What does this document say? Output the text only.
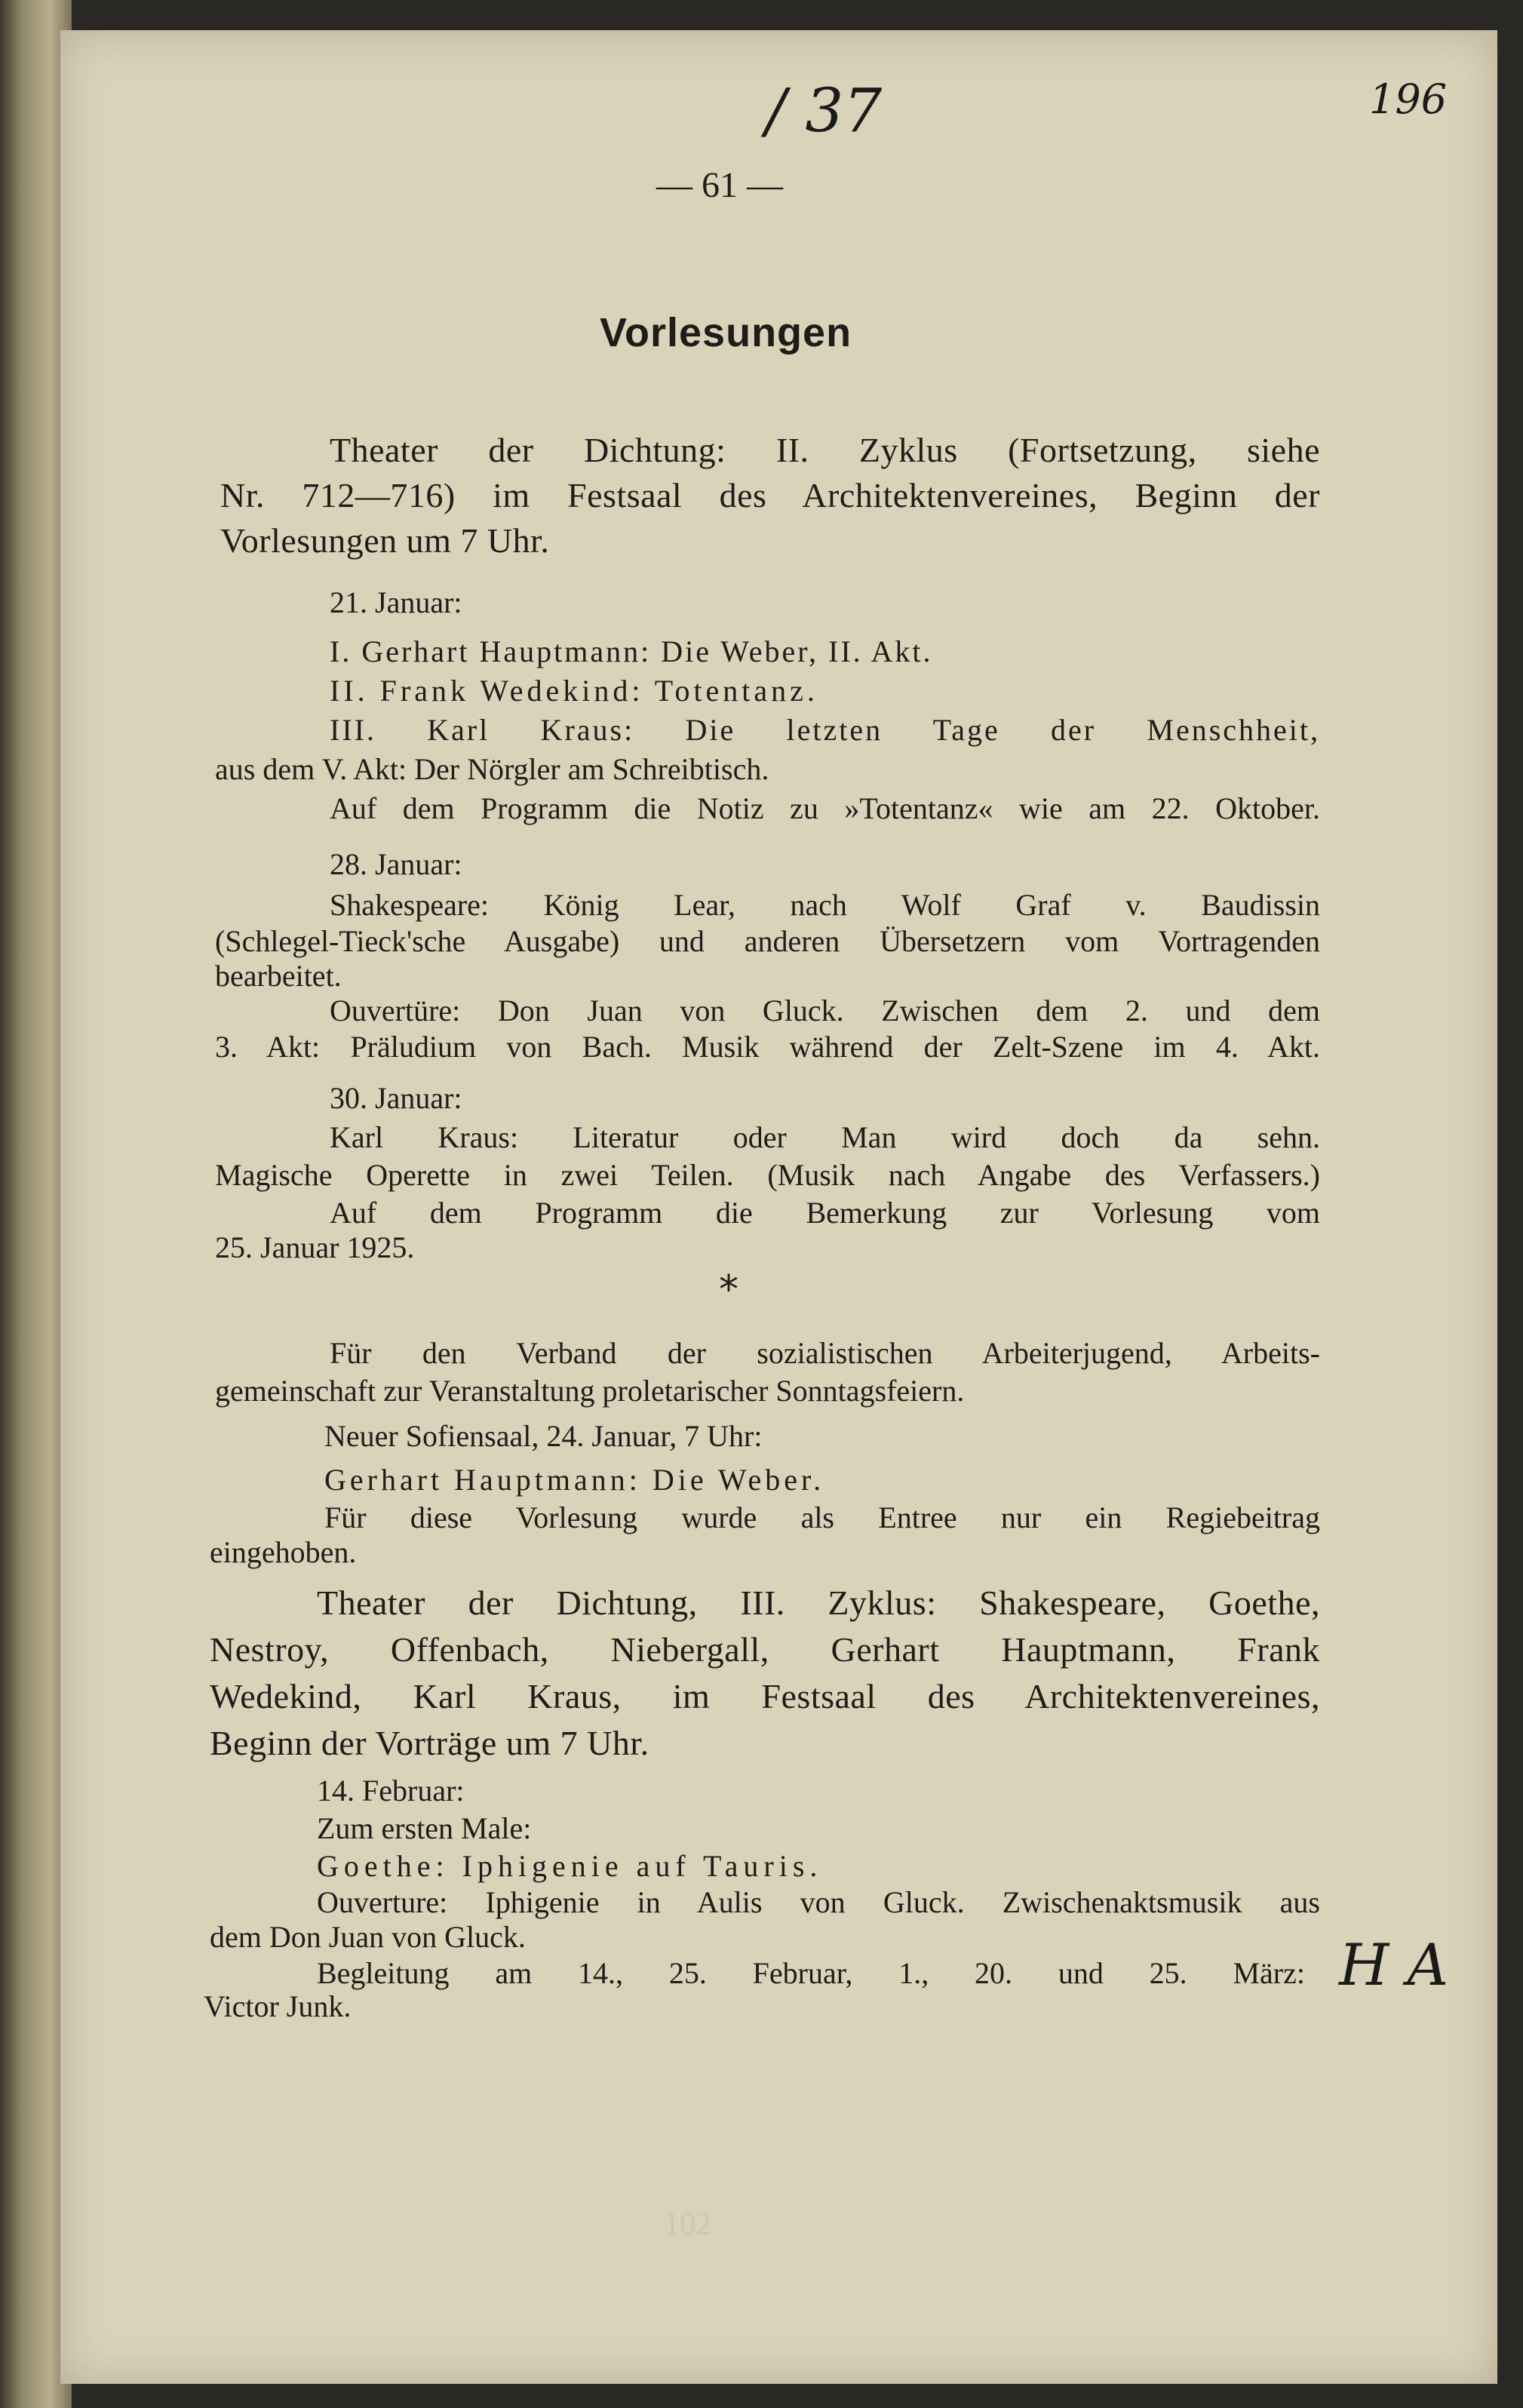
196
/ 37
— 61 —
Vorlesungen
Theater der Dichtung: II. Zyklus (Fortsetzung, siehe
Nr. 712—716) im Festsaal des Architektenvereines, Beginn der
Vorlesungen um 7 Uhr.
21. Januar:
I. Gerhart Hauptmann: Die Weber, II. Akt.
II. Frank Wedekind: Totentanz.
III. Karl Kraus: Die letzten Tage der Menschheit,
aus dem V. Akt: Der Nörgler am Schreibtisch.
Auf dem Programm die Notiz zu »Totentanz« wie am 22. Oktober.
28. Januar:
Shakespeare: König Lear, nach Wolf Graf v. Baudissin
(Schlegel-Tieck'sche Ausgabe) und anderen Übersetzern vom Vortragenden
bearbeitet.
Ouvertüre: Don Juan von Gluck. Zwischen dem 2. und dem
3. Akt: Präludium von Bach. Musik während der Zelt-Szene im 4. Akt.
30. Januar:
Karl Kraus: Literatur oder Man wird doch da sehn.
Magische Operette in zwei Teilen. (Musik nach Angabe des Verfassers.)
Auf dem Programm die Bemerkung zur Vorlesung vom
25. Januar 1925.
*
Für den Verband der sozialistischen Arbeiterjugend, Arbeits-
gemeinschaft zur Veranstaltung proletarischer Sonntagsfeiern.
Neuer Sofiensaal, 24. Januar, 7 Uhr:
Gerhart Hauptmann: Die Weber.
Für diese Vorlesung wurde als Entree nur ein Regiebeitrag
eingehoben.
Theater der Dichtung, III. Zyklus: Shakespeare, Goethe,
Nestroy, Offenbach, Niebergall, Gerhart Hauptmann, Frank
Wedekind, Karl Kraus, im Festsaal des Architektenvereines,
Beginn der Vorträge um 7 Uhr.
14. Februar:
Zum ersten Male:
Goethe: Iphigenie auf Tauris.
Ouverture: Iphigenie in Aulis von Gluck. Zwischenaktsmusik aus
dem Don Juan von Gluck.
Begleitung am 14., 25. Februar, 1., 20. und 25. März:
Victor Junk.
H A
102
